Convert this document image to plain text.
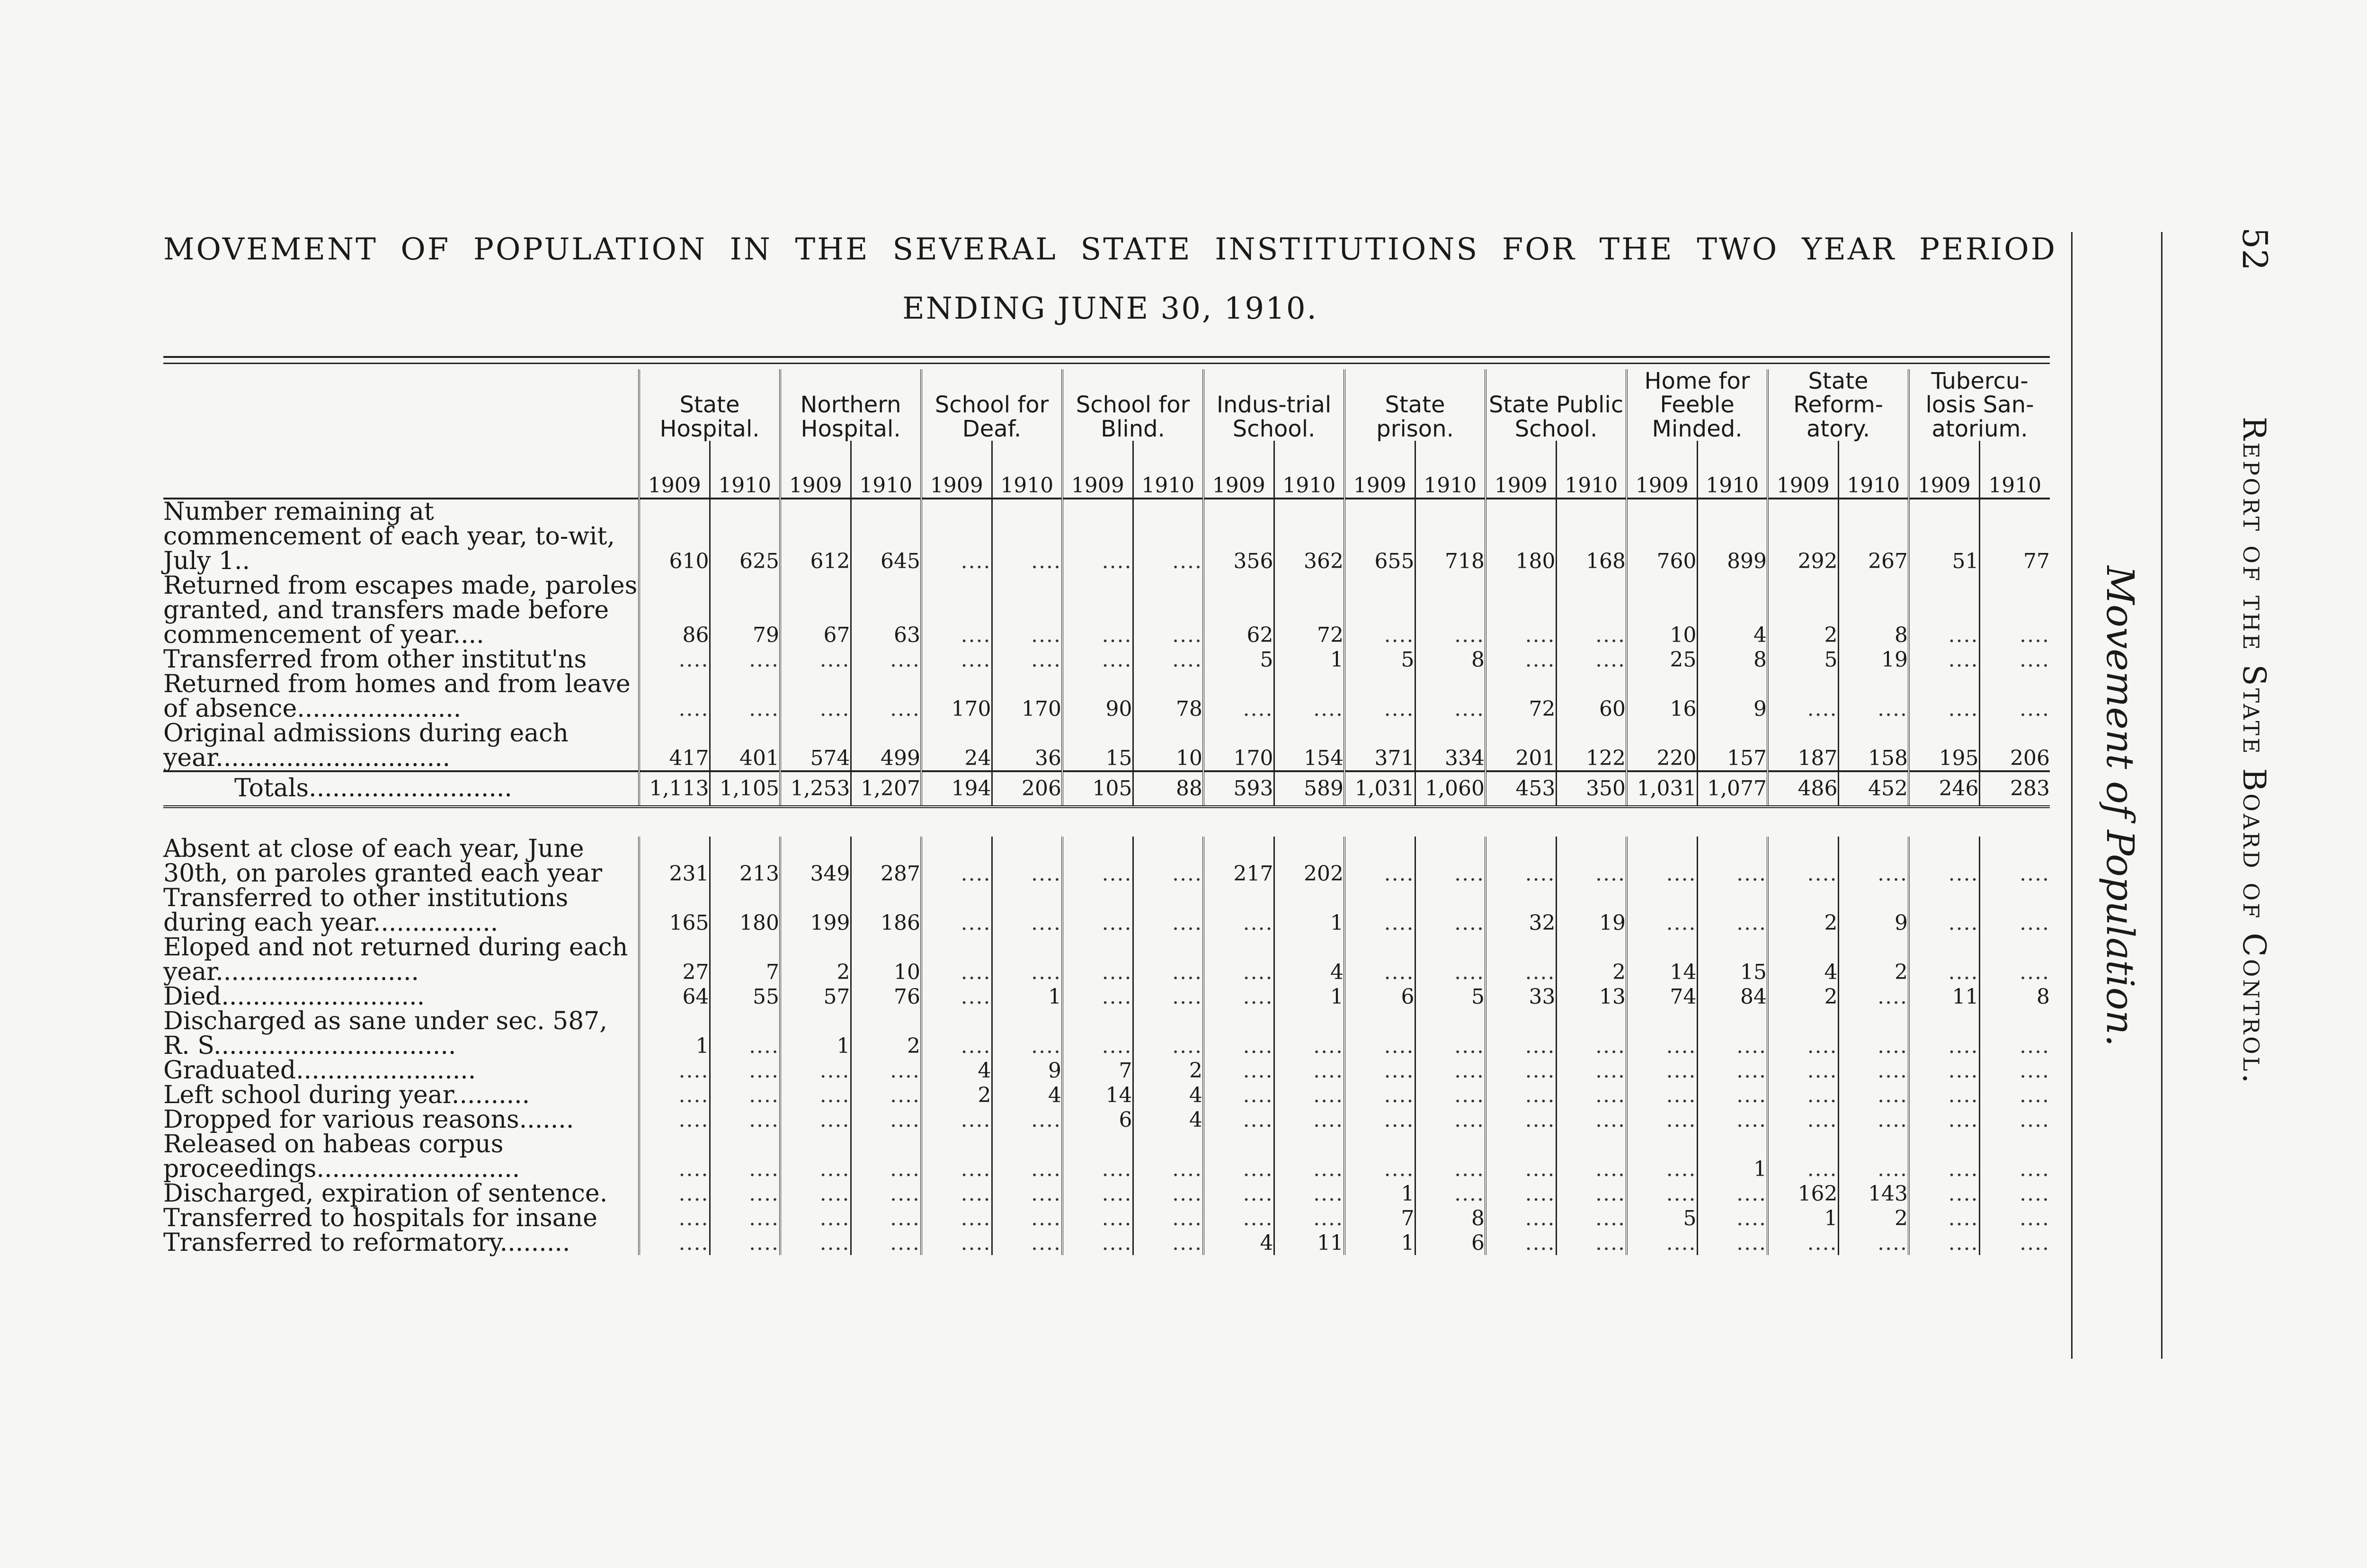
MOVEMENT OF POPULATION IN THE SEVERAL STATE INSTITUTIONS FOR THE TWO YEAR PERIOD
ENDING JUNE 30, 1910.
	State Hospital.		Northern Hospital.		School for Deaf.		School for Blind.		Indus-trial School.		State prison.		State Public School.		Home for Feeble Minded.		State Reform-atory.		Tubercu-losis San-atorium.	
	1909	1910	1909	1910	1909	1910	1909	1910	1909	1910	1909	1910	1909	1910	1909	1910	1909	1910	1909	1910
Number remaining at commencement of each year, to-wit, July 1..	610	625	612	645	....	....	....	....	356	362	655	718	180	168	760	899	292	267	51	77
Returned from escapes made, paroles granted, and transfers made before commencement of year....	86	79	67	63	....	....	....	....	62	72	....	....	....	....	10	4	2	8	....	....
Transferred from other institut'ns	....	....	....	....	....	....	....	....	5	1	5	8	....	....	25	8	5	19	....	....
Returned from homes and from leave of absence.....................	....	....	....	....	170	170	90	78	....	....	....	....	72	60	16	9	....	....	....	....
Original admissions during each year..............................	417	401	574	499	24	36	15	10	170	154	371	334	201	122	220	157	187	158	195	206
Totals..........................	1,113	1,105	1,253	1,207	194	206	105	88	593	589	1,031	1,060	453	350	1,031	1,077	486	452	246	283

Absent at close of each year, June 30th, on paroles granted each year	231	213	349	287	....	....	....	....	217	202	....	....	....	....	....	....	....	....	....	....
Transferred to other institutions during each year................	165	180	199	186	....	....	....	....	....	1	....	....	32	19	....	....	2	9	....	....
Eloped and not returned during each year..........................	27	7	2	10	....	....	....	....	....	4	....	....	....	2	14	15	4	2	....	....
Died..........................	64	55	57	76	....	1	....	....	....	1	6	5	33	13	74	84	2	....	11	8
Discharged as sane under sec. 587, R. S...............................	1	....	1	2	....	....	....	....	....	....	....	....	....	....	....	....	....	....	....	....
Graduated.......................	....	....	....	....	4	9	7	2	....	....	....	....	....	....	....	....	....	....	....	....
Left school during year..........	....	....	....	....	2	4	14	4	....	....	....	....	....	....	....	....	....	....	....	....
Dropped for various reasons.......	....	....	....	....	....	....	6	4	....	....	....	....	....	....	....	....	....	....	....	....
Released on habeas corpus proceedings..........................	....	....	....	....	....	....	....	....	....	....	....	....	....	....	....	1	....	....	....	....
Discharged, expiration of sentence.	....	....	....	....	....	....	....	....	....	....	1	....	....	....	....	....	162	143	....	....
Transferred to hospitals for insane	....	....	....	....	....	....	....	....	....	....	7	8	....	....	5	....	1	2	....	....
Transferred to reformatory.........	....	....	....	....	....	....	....	....	4	11	1	6	....	....	....	....	....	....	....	....
52
Report of the State Board of Control.
Movement of Population.
